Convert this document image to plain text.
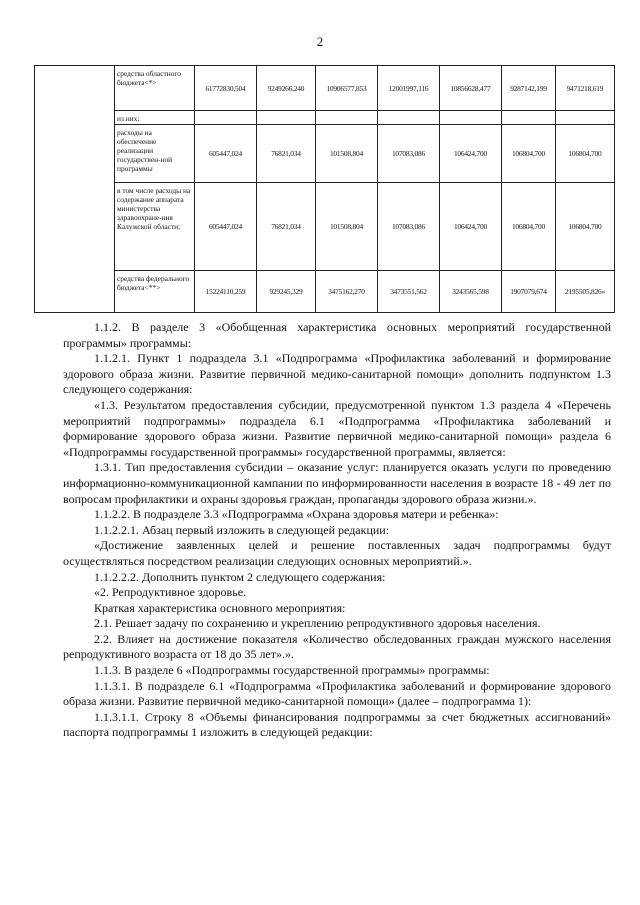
2
	средства областного бюджета<*>	61772830,504	9249266,240	10906577,853	12001997,116	10856628,477	9287142,199	9471218,619
	из них:							
	расходы на обеспечение реализации государствен-ной программы	605447,024	76821,034	101508,804	107083,086	106424,700	106804,700	106804,700
	в том числе расходы на содержание аппарата министерства здравоохране-ния Калужской области;	605447,024	76821,034	101508,804	107083,086	106424,700	106804,700	106804,700
	средства федерального бюджета<**>	15224110,259	929245,329	3475162,270	3473551,562	3243565,598	1907079,674	2195505,826»

1.1.2. В разделе 3 «Обобщенная характеристика основных мероприятий государственной программы» программы:

1.1.2.1. Пункт 1 подраздела 3.1 «Подпрограмма «Профилактика заболеваний и формирование здорового образа жизни. Развитие первичной медико-санитарной помощи» дополнить подпунктом 1.3 следующего содержания:

«1.3. Результатом предоставления субсидии, предусмотренной пунктом 1.3 раздела 4 «Перечень мероприятий подпрограммы» подраздела 6.1 «Подпрограмма «Профилактика заболеваний и формирование здорового образа жизни. Развитие первичной медико-санитарной помощи» раздела 6 «Подпрограммы государственной программы» государственной программы, является:

1.3.1. Тип предоставления субсидии – оказание услуг: планируется оказать услуги по проведению информационно-коммуникационной кампании по информированности населения в возрасте 18 - 49 лет по вопросам профилактики и охраны здоровья граждан, пропаганды здорового образа жизни.».

1.1.2.2. В подразделе 3.3 «Подпрограмма «Охрана здоровья матери и ребенка»:

1.1.2.2.1. Абзац первый изложить в следующей редакции:

«Достижение заявленных целей и решение поставленных задач подпрограммы будут осуществляться посредством реализации следующих основных мероприятий.».

1.1.2.2.2. Дополнить пунктом 2 следующего содержания:

«2. Репродуктивное здоровье.

Краткая характеристика основного мероприятия:

2.1. Решает задачу по сохранению и укреплению репродуктивного здоровья населения.

2.2. Влияет на достижение показателя «Количество обследованных граждан мужского населения репродуктивного возраста от 18 до 35 лет».».

1.1.3. В разделе 6 «Подпрограммы государственной программы» программы:

1.1.3.1. В подразделе 6.1 «Подпрограмма «Профилактика заболеваний и формирование здорового образа жизни. Развитие первичной медико-санитарной помощи» (далее – подпрограмма 1):

1.1.3.1.1. Строку 8 «Объемы финансирования подпрограммы за счет бюджетных ассигнований» паспорта подпрограммы 1 изложить в следующей редакции:
